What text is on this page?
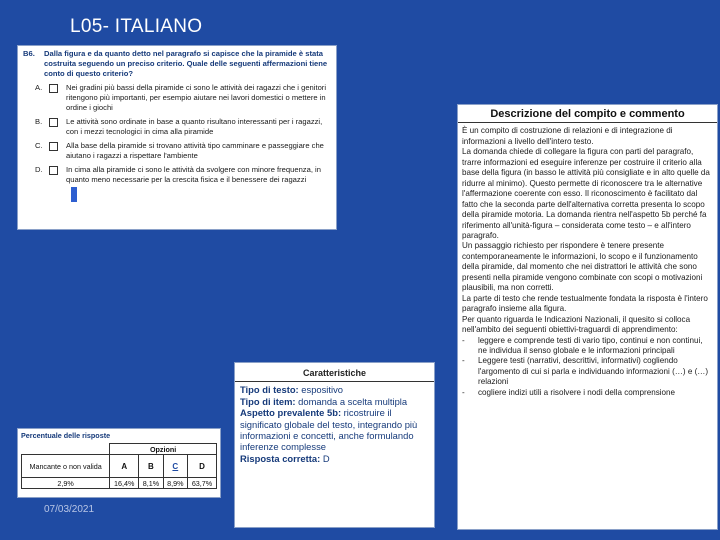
L05- ITALIANO
B6.	Dalla figura e da quanto detto nel paragrafo si capisce che la piramide è stata costruita seguendo un preciso criterio. Quale delle seguenti affermazioni tiene conto di questo criterio?
A.	Nei gradini più bassi della piramide ci sono le attività dei ragazzi che i genitori ritengono più importanti, per esempio aiutare nei lavori domestici o mettere in ordine i giochi
B.	Le attività sono ordinate in base a quanto risultano interessanti per i ragazzi, con i mezzi tecnologici in cima alla piramide
C.	Alla base della piramide si trovano attività tipo camminare e passeggiare che aiutano i ragazzi a rispettare l'ambiente
D.	In cima alla piramide ci sono le attività da svolgere con minore frequenza, in quanto meno necessarie per la crescita fisica e il benessere dei ragazzi
Percentuale delle risposte
	Opzioni			
Mancante o non valida	A	B	C	D
2,9%	16,4%	8,1%	8,9%	63,7%
07/03/2021
Caratteristiche
Tipo di testo: espositivo
Tipo di item: domanda a scelta multipla
Aspetto prevalente 5b: ricostruire il significato globale del testo, integrando più informazioni e concetti, anche formulando inferenze complesse
Risposta corretta: D
Descrizione del compito e commento

È un compito di costruzione di relazioni e di integrazione di informazioni a livello dell'intero testo.

La domanda chiede di collegare la figura con parti del paragrafo, trarre informazioni ed eseguire inferenze per costruire il criterio alla base della figura (in basso le attività più consigliate e in alto quelle da ridurre al minimo). Questo permette di riconoscere tra le alternative l'affermazione coerente con esso. Il riconoscimento è facilitato dal fatto che la seconda parte dell'alternativa corretta presenta lo scopo della piramide motoria. La domanda rientra nell'aspetto 5b perché fa riferimento all'unità-figura – considerata come testo – e all'intero paragrafo.

Un passaggio richiesto per rispondere è tenere presente contemporaneamente le informazioni, lo scopo e il funzionamento della piramide, dal momento che nei distrattori le attività che sono presenti nella piramide vengono combinate con scopi o motivazioni plausibili, ma non corretti.

La parte di testo che rende testualmente fondata la risposta è l'intero paragrafo insieme alla figura.

Per quanto riguarda le Indicazioni Nazionali, il quesito si colloca nell'ambito dei seguenti obiettivi-traguardi di apprendimento:

-	leggere e comprende testi di vario tipo, continui e non continui, ne individua il senso globale e le informazioni principali
-	Leggere testi (narrativi, descrittivi, informativi) cogliendo l'argomento di cui si parla e individuando informazioni (…) e (…) relazioni
-	cogliere indizi utili a risolvere i nodi della comprensione
